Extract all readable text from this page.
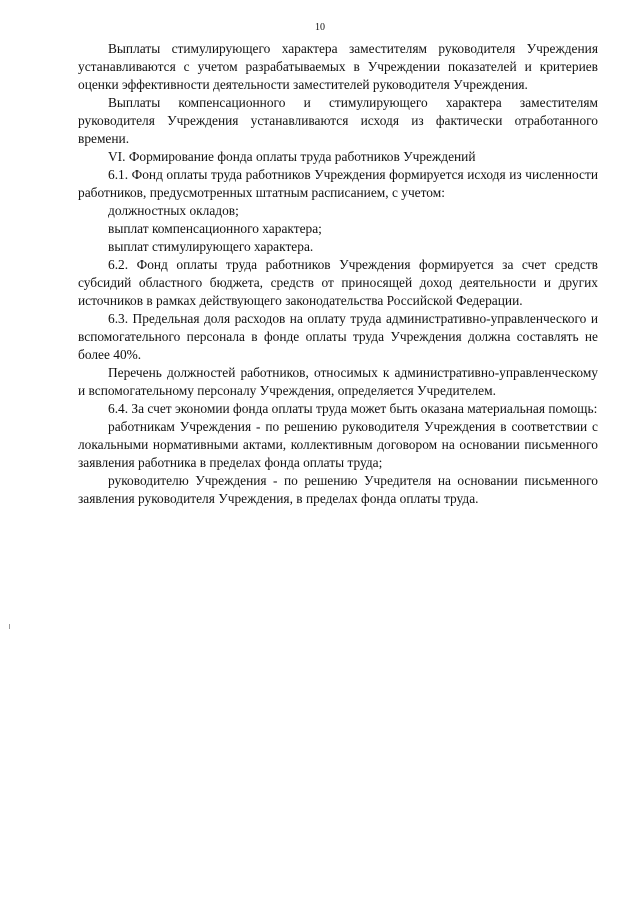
10

Выплаты стимулирующего характера заместителям руководителя Учреждения устанавливаются с учетом разрабатываемых в Учреждении показателей и критериев оценки эффективности деятельности заместителей руководителя Учреждения.

Выплаты компенсационного и стимулирующего характера заместителям руководителя Учреждения устанавливаются исходя из фактически отработанного времени.

VI. Формирование фонда оплаты труда работников Учреждений

6.1. Фонд оплаты труда работников Учреждения формируется исходя из численности работников, предусмотренных штатным расписанием, с учетом:

должностных окладов;

выплат компенсационного характера;

выплат стимулирующего характера.

6.2. Фонд оплаты труда работников Учреждения формируется за счет средств субсидий областного бюджета, средств от приносящей доход деятельности и других источников в рамках действующего законодательства Российской Федерации.

6.3. Предельная доля расходов на оплату труда административно-управленческого и вспомогательного персонала в фонде оплаты труда Учреждения должна составлять не более 40%.

Перечень должностей работников, относимых к административно-управленческому и вспомогательному персоналу Учреждения, определяется Учредителем.

6.4. За счет экономии фонда оплаты труда может быть оказана материальная помощь:

работникам Учреждения - по решению руководителя Учреждения в соответствии с локальными нормативными актами, коллективным договором на основании письменного заявления работника в пределах фонда оплаты труда;

руководителю Учреждения - по решению Учредителя на основании письменного заявления руководителя Учреждения, в пределах фонда оплаты труда.
